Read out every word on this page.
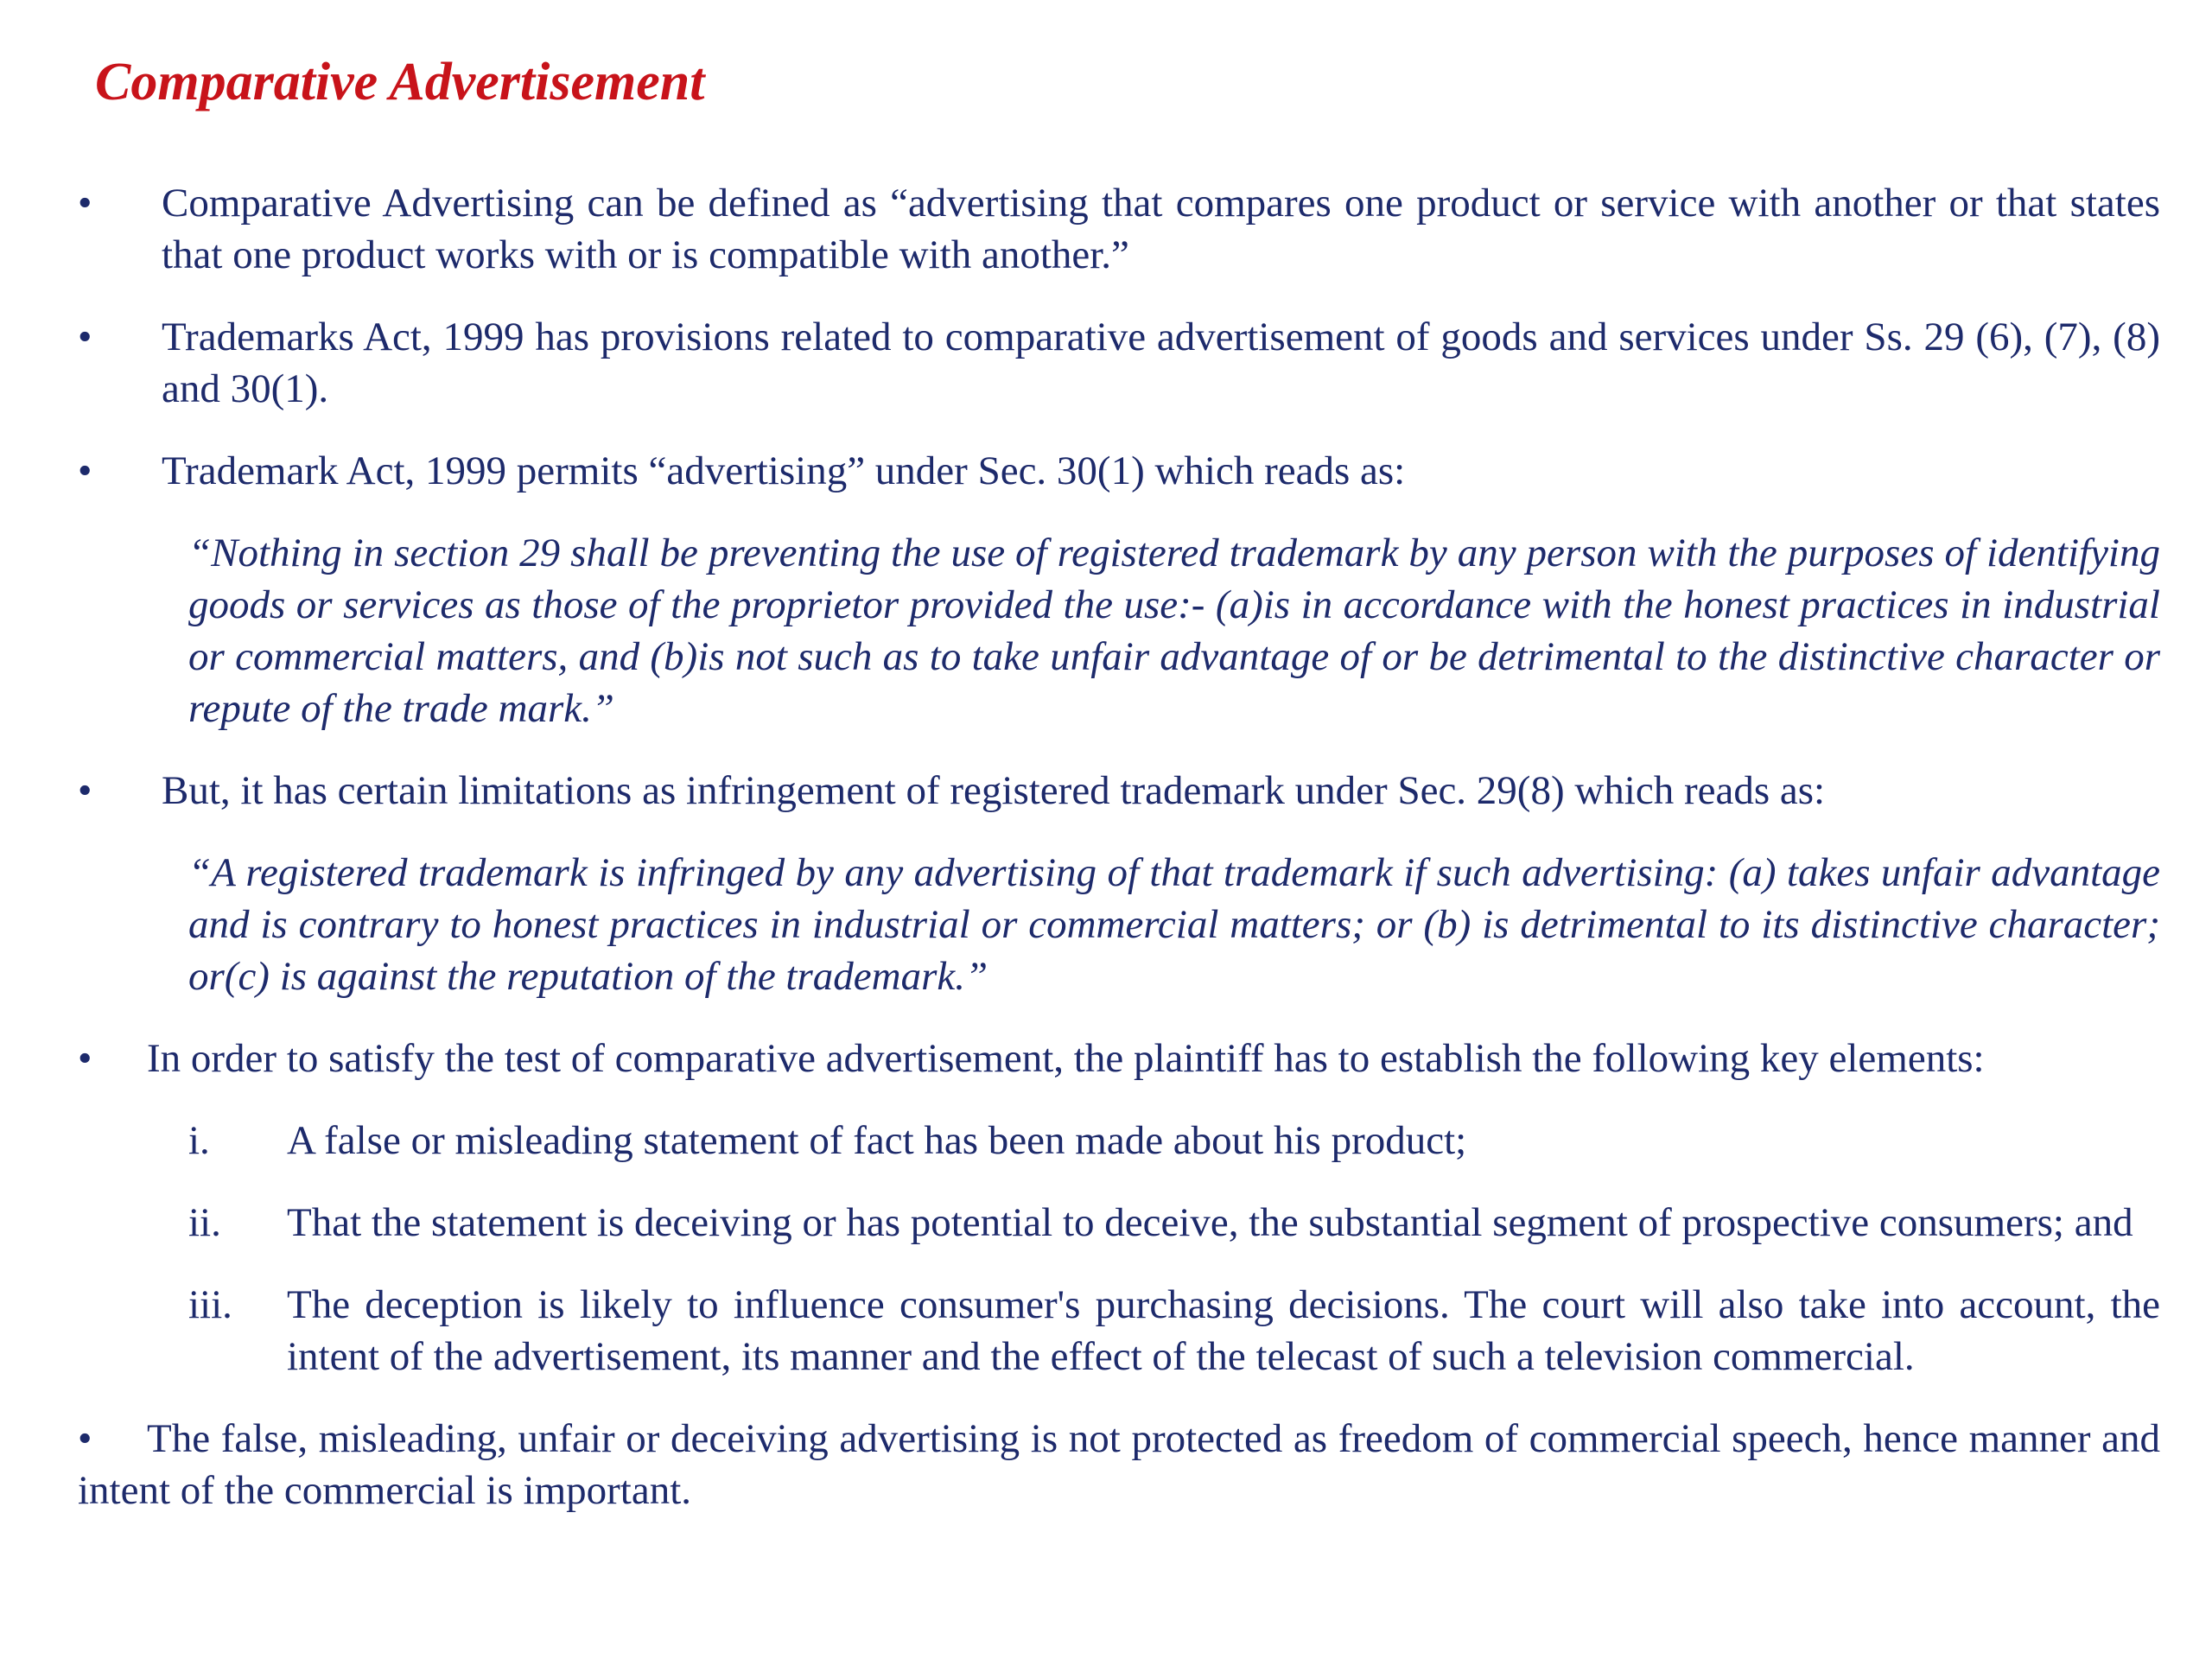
Comparative Advertisement
• Comparative Advertising can be defined as “advertising that compares one product or service with another or that states that one product works with or is compatible with another.”
• Trademarks Act, 1999 has provisions related to comparative advertisement of goods and services under Ss. 29 (6), (7), (8) and 30(1).
• Trademark Act, 1999 permits “advertising” under Sec. 30(1) which reads as:
“Nothing in section 29 shall be preventing the use of registered trademark by any person with the purposes of identifying goods or services as those of the proprietor provided the use:- (a)is in accordance with the honest practices in industrial or commercial matters, and (b)is not such as to take unfair advantage of or be detrimental to the distinctive character or repute of the trade mark.”
• But, it has certain limitations as infringement of registered trademark under Sec. 29(8) which reads as:
“A registered trademark is infringed by any advertising of that trademark if such advertising: (a) takes unfair advantage and is contrary to honest practices in industrial or commercial matters; or (b) is detrimental to its distinctive character; or(c) is against the reputation of the trademark.”
• In order to satisfy the test of comparative advertisement, the plaintiff has to establish the following key elements:
i. A false or misleading statement of fact has been made about his product;
ii. That the statement is deceiving or has potential to deceive, the substantial segment of prospective consumers; and
iii. The deception is likely to influence consumer's purchasing decisions. The court will also take into account, the intent of the advertisement, its manner and the effect of the telecast of such a television commercial.
• The false, misleading, unfair or deceiving advertising is not protected as freedom of commercial speech, hence manner and intent of the commercial is important.
